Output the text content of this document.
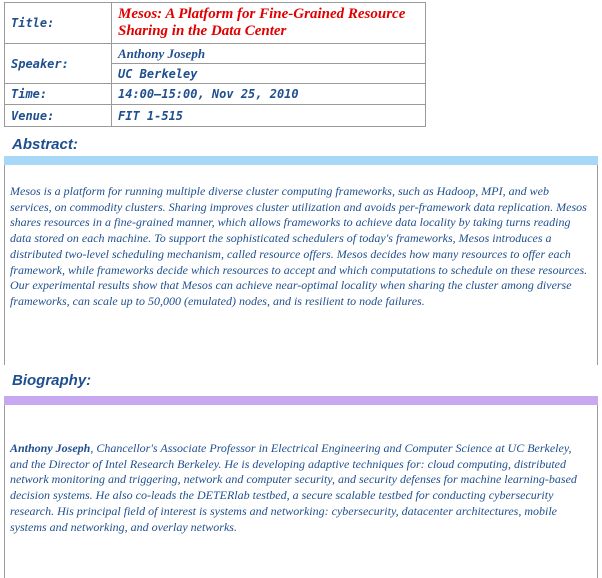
Title:	Mesos: A Platform for Fine-Grained Resource Sharing in the Data Center
Speaker:	Anthony Joseph
	UC Berkeley
Time:	14:00–15:00, Nov 25, 2010
Venue:	FIT 1-515
Abstract:

Mesos is a platform for running multiple diverse cluster computing frameworks, such as Hadoop, MPI, and web services, on commodity clusters. Sharing improves cluster utilization and avoids per-framework data replication. Mesos shares resources in a fine-grained manner, which allows frameworks to achieve data locality by taking turns reading data stored on each machine. To support the sophisticated schedulers of today's frameworks, Mesos introduces a distributed two-level scheduling mechanism, called resource offers. Mesos decides how many resources to offer each framework, while frameworks decide which resources to accept and which computations to schedule on these resources. Our experimental results show that Mesos can achieve near-optimal locality when sharing the cluster among diverse frameworks, can scale up to 50,000 (emulated) nodes, and is resilient to node failures.

Biography:

Anthony Joseph, Chancellor's Associate Professor in Electrical Engineering and Computer Science at UC Berkeley, and the Director of Intel Research Berkeley. He is developing adaptive techniques for: cloud computing, distributed network monitoring and triggering, network and computer security, and security defenses for machine learning-based decision systems. He also co-leads the DETERlab testbed, a secure scalable testbed for conducting cybersecurity research. His principal field of interest is systems and networking: cybersecurity, datacenter architectures, mobile systems and networking, and overlay networks.
